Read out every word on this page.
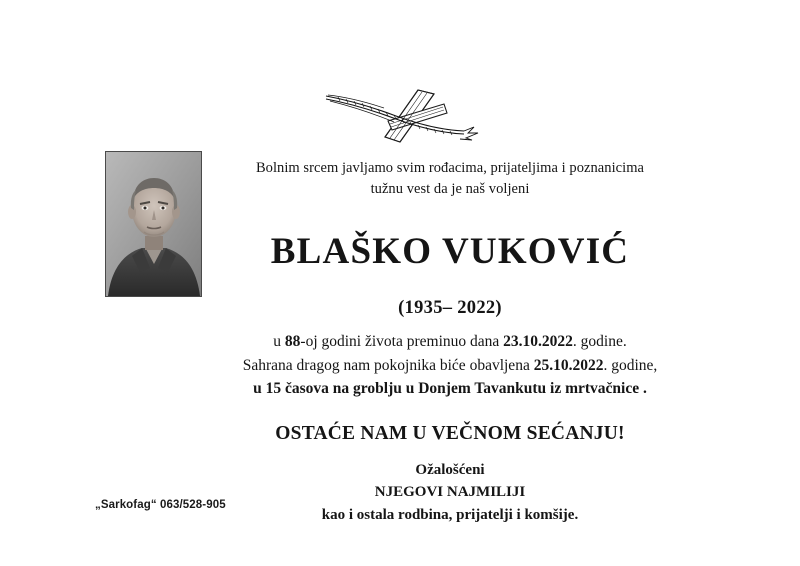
Bolnim srcem javljamo svim rođacima, prijateljima i poznanicima
tužnu vest da je naš voljeni
BLAŠKO VUKOVIĆ
(1935– 2022)
u 88-oj godini života preminuo dana 23.10.2022. godine.
Sahrana dragog nam pokojnika biće obavljena 25.10.2022. godine,
u 15 časova na groblju u Donjem Tavankutu iz mrtvačnice .
OSTAĆE NAM U VEČNOM SEĆANJU!
Ožalošćeni
NJEGOVI NAJMILIJI
kao i ostala rodbina, prijatelji i komšije.
„Sarkofag“ 063/528-905
